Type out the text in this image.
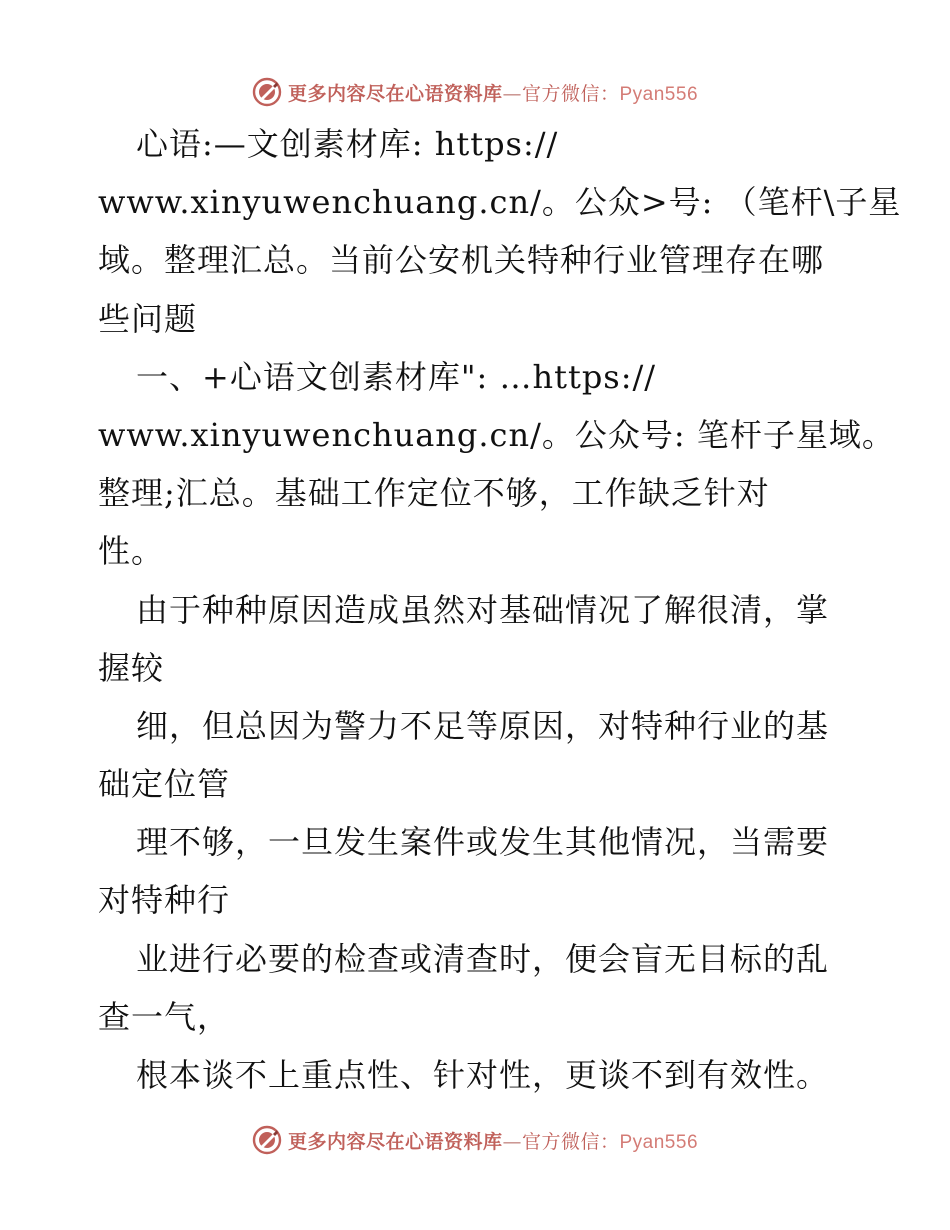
更多内容尽在心语资料库—官方微信：Pyan556
心语:—文创素材库: https://
www.xinyuwenchuang.cn/。公众>号: （笔杆\子星
域。整理汇总。当前公安机关特种行业管理存在哪
些问题
一、+心语文创素材库": …https://
www.xinyuwenchuang.cn/。公众号: 笔杆子星域。
整理;汇总。基础工作定位不够，工作缺乏针对
性。
由于种种原因造成虽然对基础情况了解很清，掌
握较
细，但总因为警力不足等原因，对特种行业的基
础定位管
理不够，一旦发生案件或发生其他情况，当需要
对特种行
业进行必要的检查或清查时，便会盲无目标的乱
查一气，
根本谈不上重点性、针对性，更谈不到有效性。
更多内容尽在心语资料库—官方微信：Pyan556
